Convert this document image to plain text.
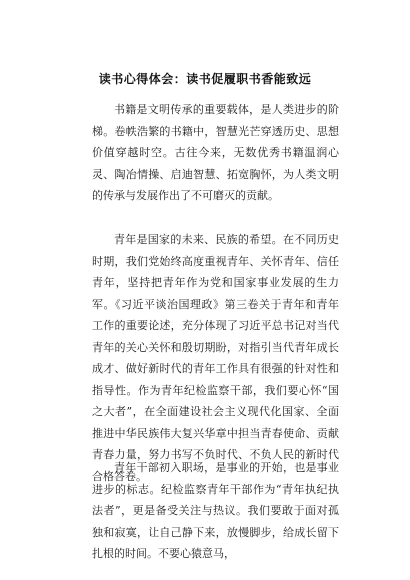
读书心得体会：读书促履职书香能致远

书籍是文明传承的重要载体，是人类进步的阶梯。卷帙浩繁的书籍中，智慧光芒穿透历史、思想价值穿越时空。古往今来，无数优秀书籍温润心灵、陶冶情操、启迪智慧、拓宽胸怀，为人类文明的传承与发展作出了不可磨灭的贡献。

青年是国家的未来、民族的希望。在不同历史时期，我们党始终高度重视青年、关怀青年、信任青年，坚持把青年作为党和国家事业发展的生力军。《习近平谈治国理政》第三卷关于青年和青年工作的重要论述，充分体现了习近平总书记对当代青年的关心关怀和殷切期盼，对指引当代青年成长成才、做好新时代的青年工作具有很强的针对性和指导性。作为青年纪检监察干部，我们要心怀“国之大者”，在全面建设社会主义现代化国家、全面推进中华民族伟大复兴华章中担当青春使命、贡献青春力量，努力书写不负时代、不负人民的新时代合格答卷。

青年干部初入职场，是事业的开始，也是事业进步的标志。纪检监察青年干部作为“青年执纪执法者”，更是备受关注与热议。我们要敢于面对孤独和寂寞，让自己静下来，放慢脚步，给成长留下扎根的时间。不要心猿意马，
